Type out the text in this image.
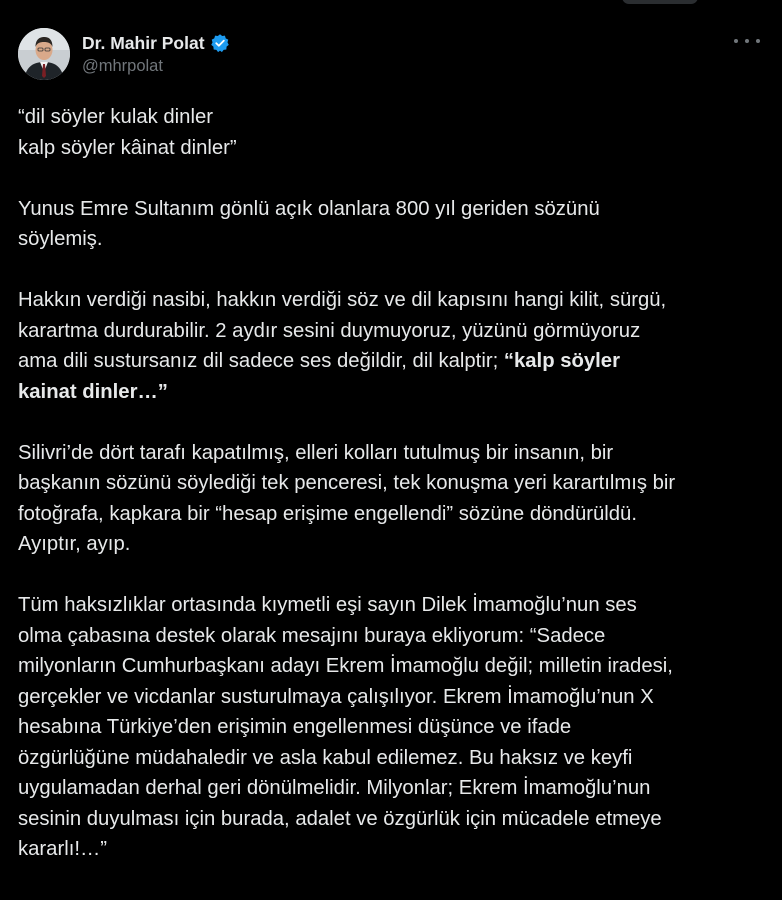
Dr. Mahir Polat
@mhrpolat
“dil söyler kulak dinler
kalp söyler kâinat dinler”
Yunus Emre Sultanım gönlü açık olanlara 800 yıl geriden sözünü
söylemiş.
Hakkın verdiği nasibi, hakkın verdiği söz ve dil kapısını hangi kilit, sürgü,
karartma durdurabilir. 2 aydır sesini duymuyoruz, yüzünü görmüyoruz
ama dili sustursanız dil sadece ses değildir, dil kalptir; “kalp söyler
kainat dinler…”
Silivri’de dört tarafı kapatılmış, elleri kolları tutulmuş bir insanın, bir
başkanın sözünü söylediği tek penceresi, tek konuşma yeri karartılmış bir
fotoğrafa, kapkara bir “hesap erişime engellendi” sözüne döndürüldü.
Ayıptır, ayıp.
Tüm haksızlıklar ortasında kıymetli eşi sayın Dilek İmamoğlu’nun ses
olma çabasına destek olarak mesajını buraya ekliyorum: “Sadece
milyonların Cumhurbaşkanı adayı Ekrem İmamoğlu değil; milletin iradesi,
gerçekler ve vicdanlar susturulmaya çalışılıyor. Ekrem İmamoğlu’nun X
hesabına Türkiye’den erişimin engellenmesi düşünce ve ifade
özgürlüğüne müdahaledir ve asla kabul edilemez. Bu haksız ve keyfi
uygulamadan derhal geri dönülmelidir. Milyonlar; Ekrem İmamoğlu’nun
sesinin duyulması için burada, adalet ve özgürlük için mücadele etmeye
kararlı!…”
